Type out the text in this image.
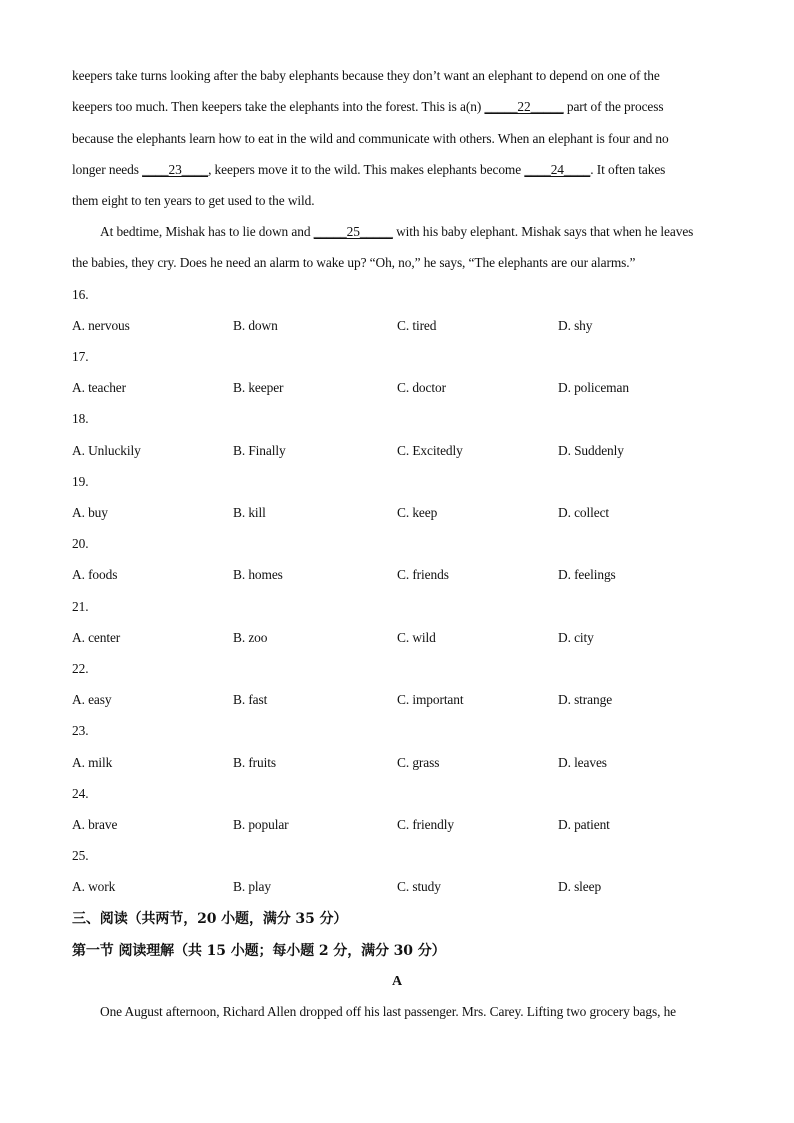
keepers take turns looking after the baby elephants because they don’t want an elephant to depend on one of the
keepers too much. Then keepers take the elephants into the forest. This is a(n) _____22_____ part of the process
because the elephants learn how to eat in the wild and communicate with others. When an elephant is four and no
longer needs ____23____, keepers move it to the wild. This makes elephants become ____24____. It often takes
them eight to ten years to get used to the wild.
At bedtime, Mishak has to lie down and _____25_____ with his baby elephant. Mishak says that when he leaves
the babies, they cry. Does he need an alarm to wake up? “Oh, no,” he says, “The elephants are our alarms.”
16.
A. nervous	B. down	C. tired	D. shy
17.
A. teacher	B. keeper	C. doctor	D. policeman
18.
A. Unluckily	B. Finally	C. Excitedly	D. Suddenly
19.
A. buy	B. kill	C. keep	D. collect
20.
A. foods	B. homes	C. friends	D. feelings
21.
A. center	B. zoo	C. wild	D. city
22.
A. easy	B. fast	C. important	D. strange
23.
A. milk	B. fruits	C. grass	D. leaves
24.
A. brave	B. popular	C. friendly	D. patient
25.
A. work	B. play	C. study	D. sleep
三、阅读（共两节，20 小题，满分 35 分）
第一节 阅读理解（共 15 小题；每小题 2 分，满分 30 分）
A
One August afternoon, Richard Allen dropped off his last passenger. Mrs. Carey. Lifting two grocery bags, he
